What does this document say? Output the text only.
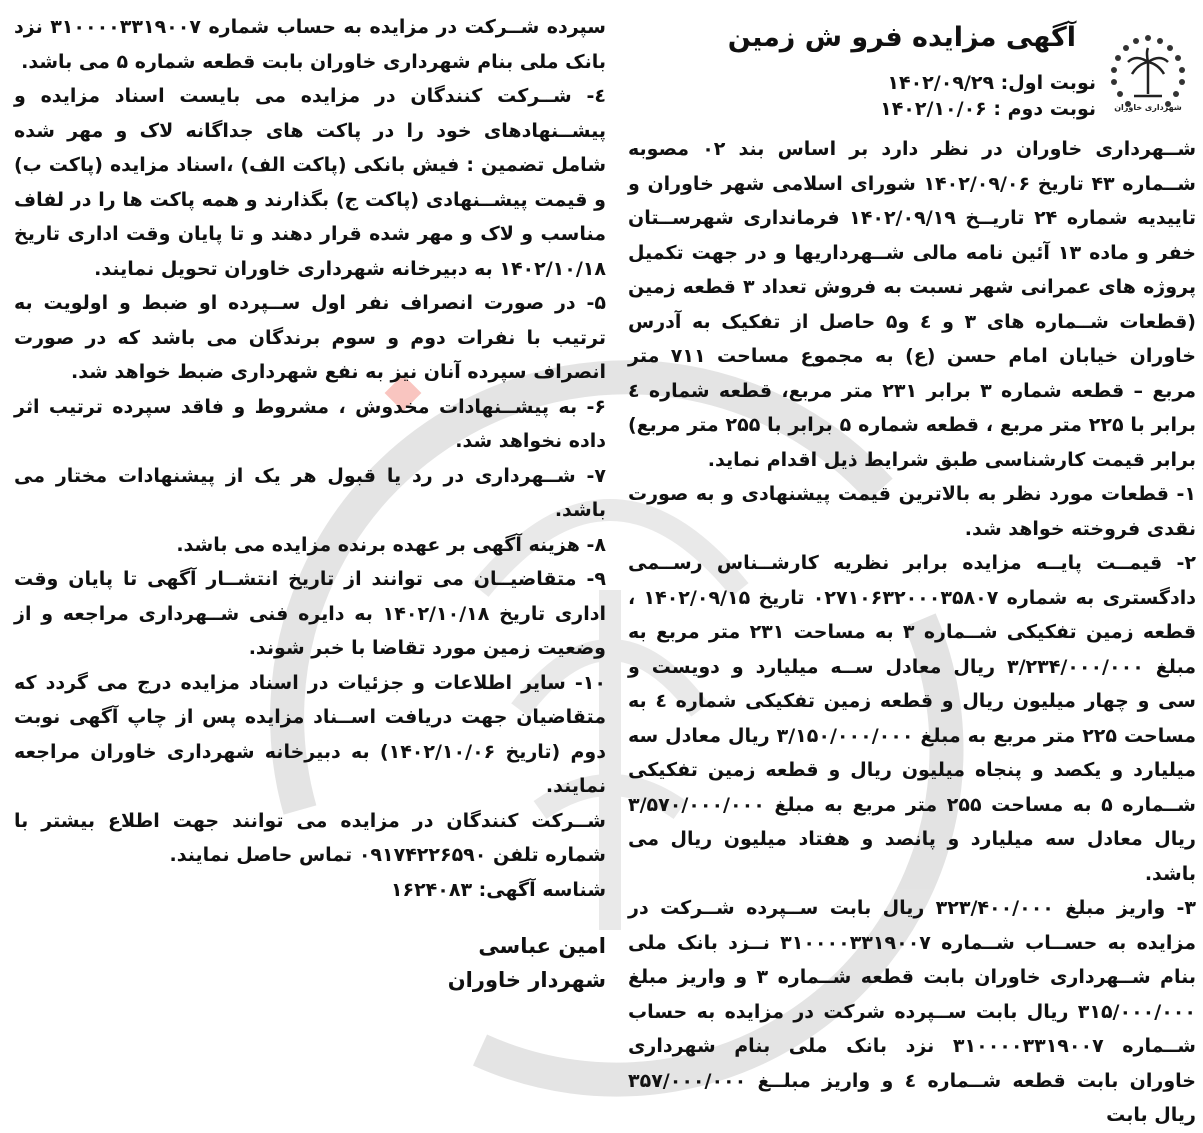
شهرداری خاوران
آگهی مزایده فرو ش زمین
نوبت اول: ۱۴۰۲/۰۹/۲۹
نوبت دوم : ۱۴۰۲/۱۰/۰۶

شــهرداری خاوران در نظر دارد بر اساس بند ۰۲ مصوبه شــماره ۴۳ تاریخ ۱۴۰۲/۰۹/۰۶ شورای اسلامی شهر خاوران و تاییدیه شماره ۲۴ تاریــخ ۱۴۰۲/۰۹/۱۹ فرمانداری شهرســتان خفر و ماده ۱۳ آئین نامه مالی شــهرداریها و در جهت تکمیل پروژه های عمرانی شهر نسبت به فروش تعداد ۳ قطعه زمین (قطعات شــماره های ۳ و ٤ و۵ حاصل از تفکیک به آدرس خاوران خیابان امام حسن (ع) به مجموع مساحت ۷۱۱ متر مربع – قطعه شماره ۳ برابر ۲۳۱ متر مربع، قطعه شماره ٤ برابر با ۲۲۵ متر مربع ، قطعه شماره ۵ برابر با ۲۵۵ متر مربع) برابر قیمت کارشناسی طبق شرایط ذیل اقدام نماید.

۱- قطعات مورد نظر به بالاترین قیمت پیشنهادی و به صورت نقدی فروخته خواهد شد.

۲- قیمــت پایــه مزایده برابر نظریه کارشــناس رســمی دادگستری به شماره ۰۲۷۱۰۶۳۲۰۰۰۳۵۸۰۷ تاریخ ۱۴۰۲/۰۹/۱۵ ، قطعه زمین تفکیکی شــماره ۳ به مساحت ۲۳۱ متر مربع به مبلغ ۳/۲۳۴/۰۰۰/۰۰۰ ریال معادل ســه میلیارد و دویست و سی و چهار میلیون ریال و قطعه زمین تفکیکی شماره ٤ به مساحت ۲۲۵ متر مربع به مبلغ ۳/۱۵۰/۰۰۰/۰۰۰ ریال معادل سه میلیارد و یکصد و پنجاه میلیون ریال و قطعه زمین تفکیکی شــماره ۵ به مساحت ۲۵۵ متر مربع به مبلغ ۳/۵۷۰/۰۰۰/۰۰۰ ریال معادل سه میلیارد و پانصد و هفتاد میلیون ریال می باشد.

۳- واریز مبلغ ۳۲۳/۴۰۰/۰۰۰ ریال بابت ســپرده شــرکت در مزایده به حســاب شــماره ۳۱۰۰۰۰۳۳۱۹۰۰۷ نــزد بانک ملی بنام شــهرداری خاوران بابت قطعه شــماره ۳ و واریز مبلغ ۳۱۵/۰۰۰/۰۰۰ ریال بابت ســپرده شرکت در مزایده به حساب شــماره ۳۱۰۰۰۰۳۳۱۹۰۰۷ نزد بانک ملی بنام شهرداری خاوران بابت قطعه شــماره ٤ و واریز مبلــغ ۳۵۷/۰۰۰/۰۰۰ ریال بابت

سپرده شــرکت در مزایده به حساب شماره ۳۱۰۰۰۰۳۳۱۹۰۰۷ نزد بانک ملی بنام شهرداری خاوران بابت قطعه شماره ۵ می باشد.

٤- شــرکت کنندگان در مزایده می بایست اسناد مزایده و پیشــنهادهای خود را در پاکت های جداگانه لاک و مهر شده شامل تضمین : فیش بانکی (پاکت الف) ،اسناد مزایده (پاکت ب) و قیمت پیشــنهادی (پاکت ج) بگذارند و همه پاکت ها را در لفاف مناسب و لاک و مهر شده قرار دهند و تا پایان وقت اداری تاریخ ۱۴۰۲/۱۰/۱۸ به دبیرخانه شهرداری خاوران تحویل نمایند.

۵- در صورت انصراف نفر اول ســپرده او ضبط و اولویت به ترتیب با نفرات دوم و سوم برندگان می باشد که در صورت انصراف سپرده آنان نیز به نفع شهرداری ضبط خواهد شد.

۶- به پیشــنهادات مخدوش ، مشروط و فاقد سپرده ترتیب اثر داده نخواهد شد.

۷- شــهرداری در رد یا قبول هر یک از پیشنهادات مختار می باشد.

۸- هزینه آگهی بر عهده برنده مزایده می باشد.

۹- متقاضیــان می توانند از تاریخ انتشــار آگهی تا پایان وقت اداری تاریخ ۱۴۰۲/۱۰/۱۸ به دایره فنی شــهرداری مراجعه و از وضعیت زمین مورد تقاضا با خبر شوند.

۱۰- سایر اطلاعات و جزئیات در اسناد مزایده درج می گردد که متقاضیان جهت دریافت اســناد مزایده پس از چاپ آگهی نوبت دوم (تاریخ ۱۴۰۲/۱۰/۰۶) به دبیرخانه شهرداری خاوران مراجعه نمایند.

شــرکت کنندگان در مزایده می توانند جهت اطلاع بیشتر با شماره تلفن ۰۹۱۷۴۲۲۶۵۹۰ تماس حاصل نمایند.

شناسه آگهی: ۱۶۲۴۰۸۳

امین عباسی
شهردار خاوران
